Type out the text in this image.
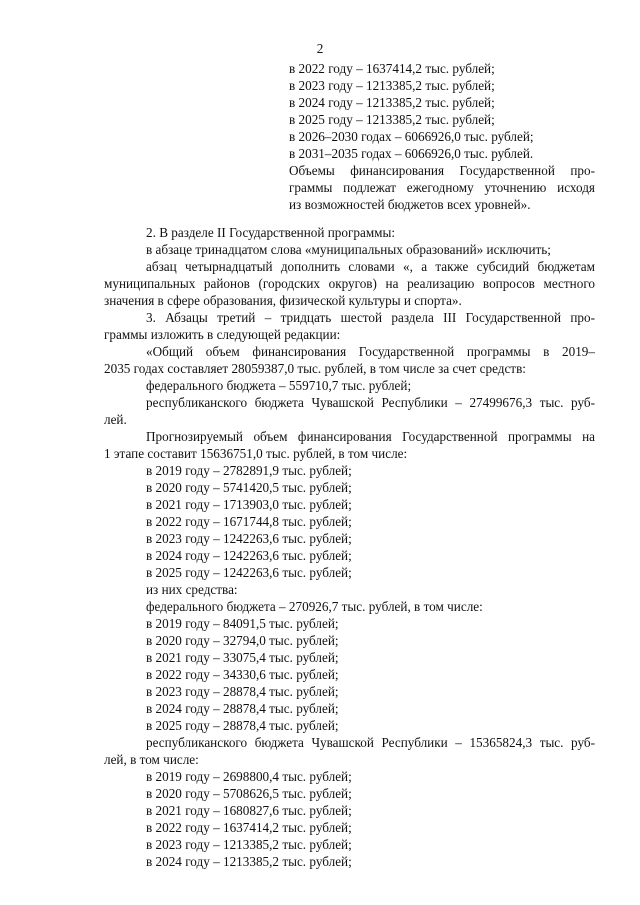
2
в 2022 году – 1637414,2 тыс. рублей;
в 2023 году – 1213385,2 тыс. рублей;
в 2024 году – 1213385,2 тыс. рублей;
в 2025 году – 1213385,2 тыс. рублей;
в 2026–2030 годах – 6066926,0 тыс. рублей;
в 2031–2035 годах – 6066926,0 тыс. рублей.
Объемы финансирования Государственной про-
граммы подлежат ежегодному уточнению исходя
из возможностей бюджетов всех уровней».
2. В разделе II Государственной программы:
в абзаце тринадцатом слова «муниципальных образований» исключить;
абзац четырнадцатый дополнить словами «, а также субсидий бюджетам
муниципальных районов (городских округов) на реализацию вопросов местного
значения в сфере образования, физической культуры и спорта».
3. Абзацы третий – тридцать шестой раздела III Государственной про-
граммы изложить в следующей редакции:
«Общий объем финансирования Государственной программы в 2019–
2035 годах составляет 28059387,0 тыс. рублей, в том числе за счет средств:
федерального бюджета – 559710,7 тыс. рублей;
республиканского бюджета Чувашской Республики – 27499676,3 тыс. руб-
лей.
Прогнозируемый объем финансирования Государственной программы на
1 этапе составит 15636751,0 тыс. рублей, в том числе:
в 2019 году – 2782891,9 тыс. рублей;
в 2020 году – 5741420,5 тыс. рублей;
в 2021 году – 1713903,0 тыс. рублей;
в 2022 году – 1671744,8 тыс. рублей;
в 2023 году – 1242263,6 тыс. рублей;
в 2024 году – 1242263,6 тыс. рублей;
в 2025 году – 1242263,6 тыс. рублей;
из них средства:
федерального бюджета – 270926,7 тыс. рублей, в том числе:
в 2019 году – 84091,5 тыс. рублей;
в 2020 году – 32794,0 тыс. рублей;
в 2021 году – 33075,4 тыс. рублей;
в 2022 году – 34330,6 тыс. рублей;
в 2023 году – 28878,4 тыс. рублей;
в 2024 году – 28878,4 тыс. рублей;
в 2025 году – 28878,4 тыс. рублей;
республиканского бюджета Чувашской Республики – 15365824,3 тыс. руб-
лей, в том числе:
в 2019 году – 2698800,4 тыс. рублей;
в 2020 году – 5708626,5 тыс. рублей;
в 2021 году – 1680827,6 тыс. рублей;
в 2022 году – 1637414,2 тыс. рублей;
в 2023 году – 1213385,2 тыс. рублей;
в 2024 году – 1213385,2 тыс. рублей;
